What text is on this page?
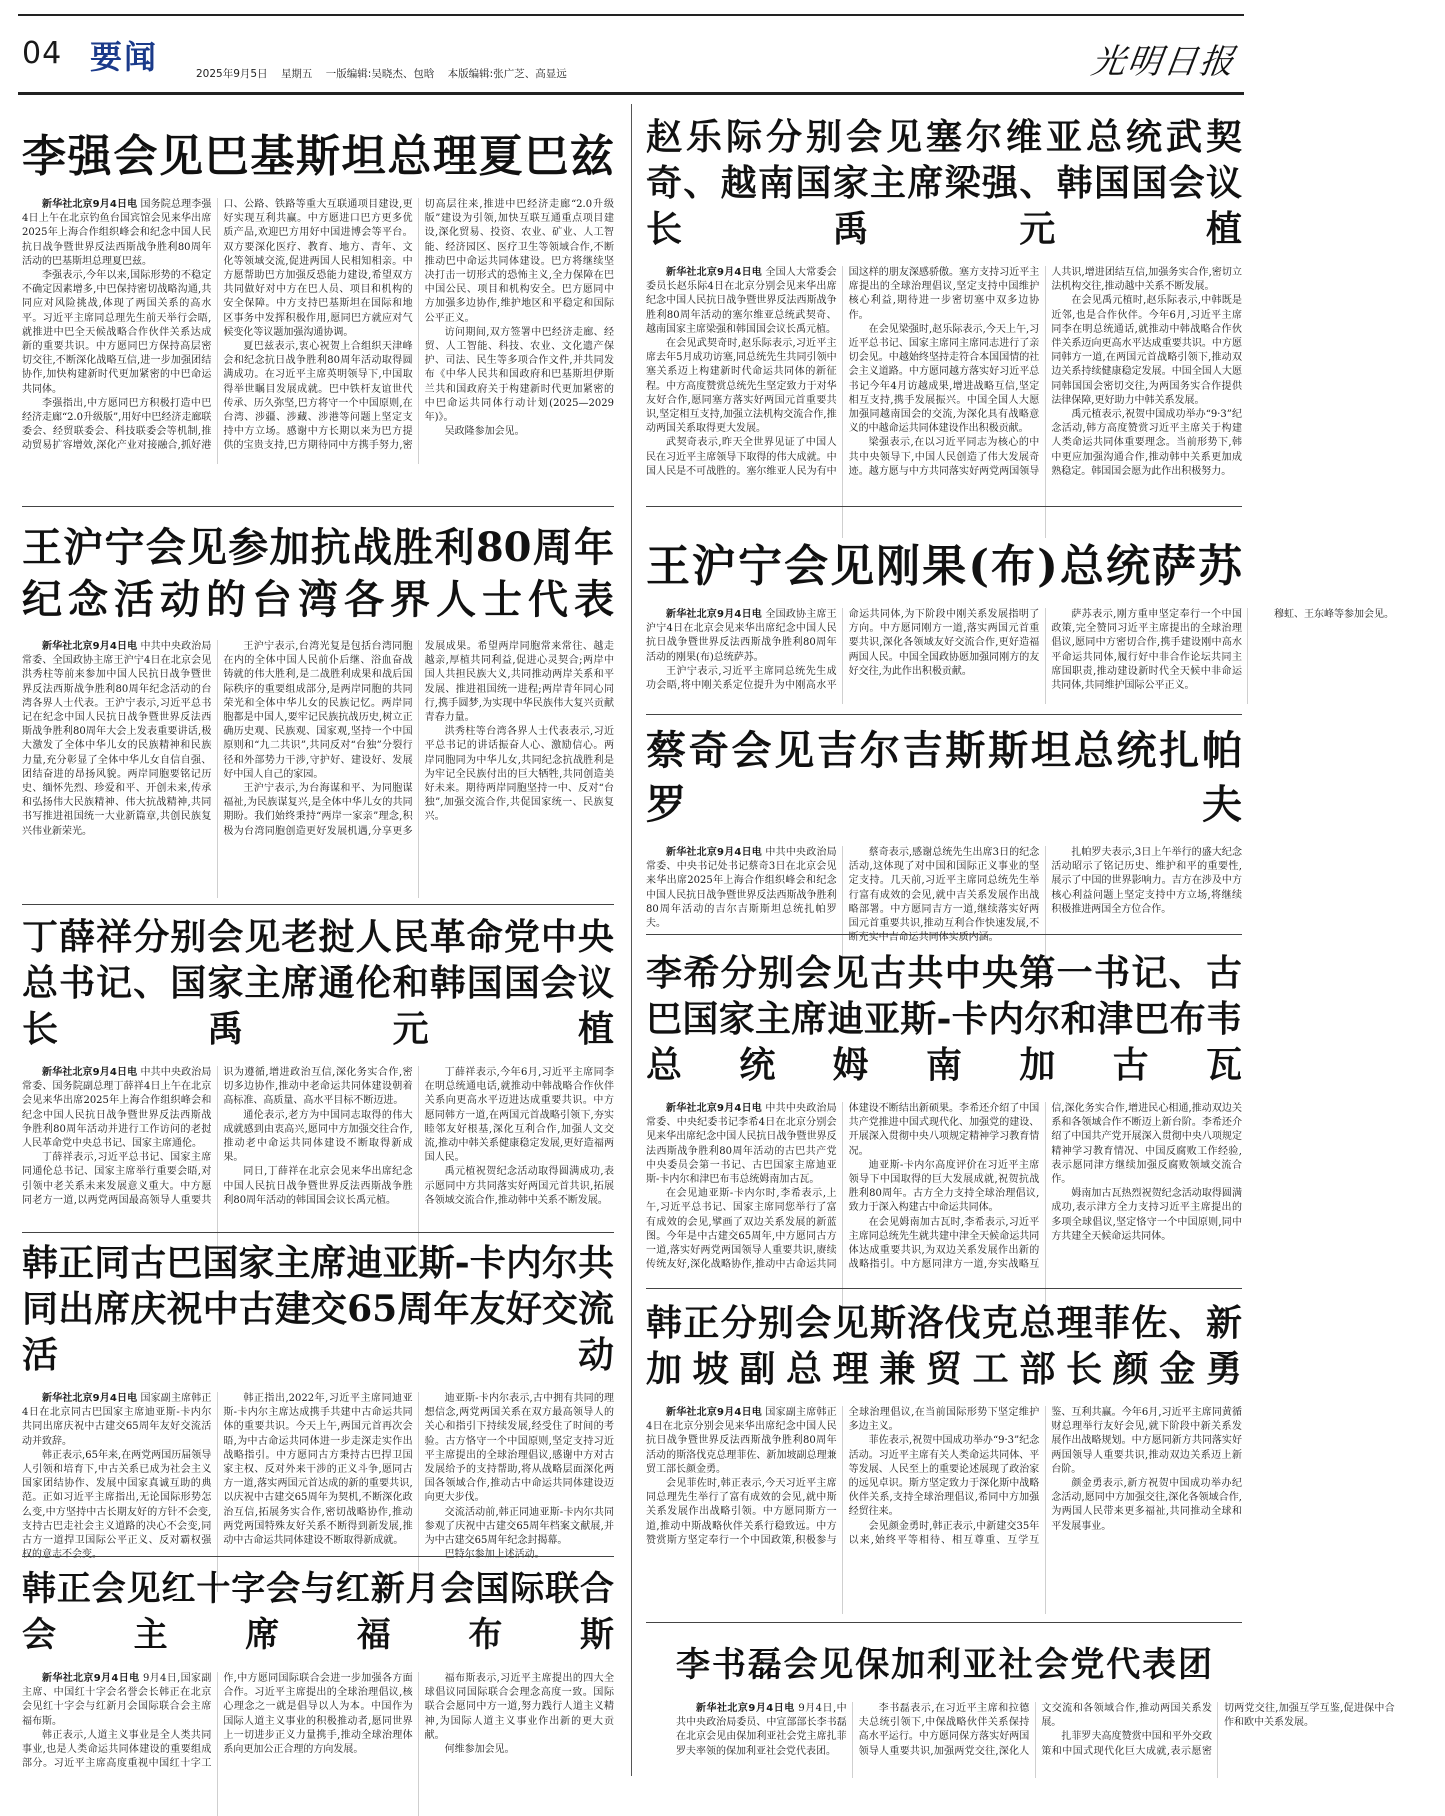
04 要闻	2025年9月5日 星期五 一版编辑:吴晓杰、包晗 本版编辑:张广芝、高显远	光明日报
李强会见巴基斯坦总理夏巴兹

新华社北京9月4日电 国务院总理李强4日上午在北京钓鱼台国宾馆会见来华出席2025年上海合作组织峰会和纪念中国人民抗日战争暨世界反法西斯战争胜利80周年活动的巴基斯坦总理夏巴兹。

李强表示,今年以来,国际形势的不稳定不确定因素增多,中巴保持密切战略沟通,共同应对风险挑战,体现了两国关系的高水平。习近平主席同总理先生前天举行会晤,就推进中巴全天候战略合作伙伴关系达成新的重要共识。中方愿同巴方保持高层密切交往,不断深化战略互信,进一步加强团结协作,加快构建新时代更加紧密的中巴命运共同体。

李强指出,中方愿同巴方积极打造中巴经济走廊“2.0升级版”,用好中巴经济走廊联委会、经贸联委会、科技联委会等机制,推动贸易扩容增效,深化产业对接融合,抓好港口、公路、铁路等重大互联通项目建设,更好实现互利共赢。中方愿进口巴方更多优质产品,欢迎巴方用好中国进博会等平台。双方要深化医疗、教育、地方、青年、文化等领域交流,促进两国人民相知相亲。中方愿帮助巴方加强反恐能力建设,希望双方共同做好对中方在巴人员、项目和机构的安全保障。中方支持巴基斯坦在国际和地区事务中发挥积极作用,愿同巴方就应对气候变化等议题加强沟通协调。

夏巴兹表示,衷心祝贺上合组织天津峰会和纪念抗日战争胜利80周年活动取得圆满成功。在习近平主席英明领导下,中国取得举世瞩目发展成就。巴中铁杆友谊世代传承、历久弥坚,巴方将守一个中国原则,在台湾、涉疆、涉藏、涉港等问题上坚定支持中方立场。感谢中方长期以来为巴方提供的宝贵支持,巴方期待同中方携手努力,密切高层往来,推进中巴经济走廊“2.0升级版”建设为引领,加快互联互通重点项目建设,深化贸易、投资、农业、矿业、人工智能、经济园区、医疗卫生等领域合作,不断推动巴中命运共同体建设。巴方将继续坚决打击一切形式的恐怖主义,全力保障在巴中国公民、项目和机构安全。巴方愿同中方加强多边协作,维护地区和平稳定和国际公平正义。

访问期间,双方签署中巴经济走廊、经贸、人工智能、科技、农业、文化遗产保护、司法、民生等多项合作文件,并共同发布《中华人民共和国政府和巴基斯坦伊斯兰共和国政府关于构建新时代更加紧密的中巴命运共同体行动计划(2025—2029年)》。

吴政隆参加会见。

王沪宁会见参加抗战胜利80周年纪念活动的台湾各界人士代表

新华社北京9月4日电 中共中央政治局常委、全国政协主席王沪宁4日在北京会见洪秀柱等前来参加中国人民抗日战争暨世界反法西斯战争胜利80周年纪念活动的台湾各界人士代表。王沪宁表示,习近平总书记在纪念中国人民抗日战争暨世界反法西斯战争胜利80周年大会上发表重要讲话,极大激发了全体中华儿女的民族精神和民族力量,充分彰显了全体中华儿女自信自强、团结奋进的昂扬风貌。两岸同胞要铭记历史、缅怀先烈、珍爱和平、开创未来,传承和弘扬伟大民族精神、伟大抗战精神,共同书写推进祖国统一大业新篇章,共创民族复兴伟业新荣光。

王沪宁表示,台湾光复是包括台湾同胞在内的全体中国人民前仆后继、浴血奋战铸就的伟大胜利,是二战胜利成果和战后国际秩序的重要组成部分,是两岸同胞的共同荣光和全体中华儿女的民族记忆。两岸同胞都是中国人,要牢记民族抗战历史,树立正确历史观、民族观、国家观,坚持一个中国原则和“九二共识”,共同反对“台独”分裂行径和外部势力干涉,守护好、建设好、发展好中国人自己的家园。

王沪宁表示,为台海谋和平、为同胞谋福祉,为民族谋复兴,是全体中华儿女的共同期盼。我们始终秉持“两岸一家亲”理念,积极为台湾同胞创造更好发展机遇,分享更多发展成果。希望两岸同胞常来常往、越走越亲,厚植共同利益,促进心灵契合;两岸中国人共担民族大义,共同推动两岸关系和平发展、推进祖国统一进程;两岸青年同心同行,携手圆梦,为实现中华民族伟大复兴贡献青春力量。

洪秀柱等台湾各界人士代表表示,习近平总书记的讲话振奋人心、激励信心。两岸同胞同为中华儿女,共同纪念抗战胜利是为牢记全民族付出的巨大牺牲,共同创造美好未来。期待两岸同胞坚持一中、反对“台独”,加强交流合作,共促国家统一、民族复兴。

丁薛祥分别会见老挝人民革命党中央总书记、国家主席通伦和韩国国会议长禹元植

新华社北京9月4日电 中共中央政治局常委、国务院副总理丁薛祥4日上午在北京会见来华出席2025年上海合作组织峰会和纪念中国人民抗日战争暨世界反法西斯战争胜利80周年活动并进行工作访问的老挝人民革命党中央总书记、国家主席通伦。

丁薛祥表示,习近平总书记、国家主席同通伦总书记、国家主席举行重要会晤,对引领中老关系未来发展意义重大。中方愿同老方一道,以两党两国最高领导人重要共识为遵循,增进政治互信,深化务实合作,密切多边协作,推动中老命运共同体建设朝着高标准、高质量、高水平目标不断迈进。

通伦表示,老方为中国同志取得的伟大成就感到由衷高兴,愿同中方加强交往合作,推动老中命运共同体建设不断取得新成果。

同日,丁薛祥在北京会见来华出席纪念中国人民抗日战争暨世界反法西斯战争胜利80周年活动的韩国国会议长禹元植。

丁薛祥表示,今年6月,习近平主席同李在明总统通电话,就推动中韩战略合作伙伴关系向更高水平迈进达成重要共识。中方愿同韩方一道,在两国元首战略引领下,夯实睦邻友好根基,深化互利合作,加强人文交流,推动中韩关系健康稳定发展,更好造福两国人民。

禹元植祝贺纪念活动取得圆满成功,表示愿同中方共同落实好两国元首共识,拓展各领域交流合作,推动韩中关系不断发展。

韩正同古巴国家主席迪亚斯-卡内尔共同出席庆祝中古建交65周年友好交流活动

新华社北京9月4日电 国家副主席韩正4日在北京同古巴国家主席迪亚斯-卡内尔共同出席庆祝中古建交65周年友好交流活动并致辞。

韩正表示,65年来,在两党两国历届领导人引领和培育下,中古关系已成为社会主义国家团结协作、发展中国家真诚互助的典范。正如习近平主席指出,无论国际形势怎么变,中方坚持中古长期友好的方针不会变,支持古巴走社会主义道路的决心不会变,同古方一道捍卫国际公平正义、反对霸权强权的意志不会变。

韩正指出,2022年,习近平主席同迪亚斯-卡内尔主席达成携手共建中古命运共同体的重要共识。今天上午,两国元首再次会晤,为中古命运共同体进一步走深走实作出战略指引。中方愿同古方秉持古巴捍卫国家主权、反对外来干涉的正义斗争,愿同古方一道,落实两国元首达成的新的重要共识,以庆祝中古建交65周年为契机,不断深化政治互信,拓展务实合作,密切战略协作,推动两党两国特殊友好关系不断得到新发展,推动中古命运共同体建设不断取得新成就。

迪亚斯-卡内尔表示,古中拥有共同的理想信念,两党两国关系在双方最高领导人的关心和指引下持续发展,经受住了时间的考验。古方恪守一个中国原则,坚定支持习近平主席提出的全球治理倡议,感谢中方对古发展给予的支持帮助,将从战略层面深化两国各领域合作,推动古中命运共同体建设迈向更大步伐。

交流活动前,韩正同迪亚斯-卡内尔共同参观了庆祝中古建交65周年档案文献展,并为中古建交65周年纪念封揭幕。

巴特尔参加上述活动。

韩正会见红十字会与红新月会国际联合会主席福布斯

新华社北京9月4日电 9月4日,国家副主席、中国红十字会名誉会长韩正在北京会见红十字会与红新月会国际联合会主席福布斯。

韩正表示,人道主义事业是全人类共同事业,也是人类命运共同体建设的重要组成部分。习近平主席高度重视中国红十字工作,中方愿同国际联合会进一步加强各方面合作。习近平主席提出的全球治理倡议,核心理念之一就是倡导以人为本。中国作为国际人道主义事业的积极推动者,愿同世界上一切进步正义力量携手,推动全球治理体系向更加公正合理的方向发展。

福布斯表示,习近平主席提出的四大全球倡议同国际联合会理念高度一致。国际联合会愿同中方一道,努力践行人道主义精神,为国际人道主义事业作出新的更大贡献。

何维参加会见。

赵乐际分别会见塞尔维亚总统武契奇、越南国家主席梁强、韩国国会议长禹元植

新华社北京9月4日电 全国人大常委会委员长赵乐际4日在北京分别会见来华出席纪念中国人民抗日战争暨世界反法西斯战争胜利80周年活动的塞尔维亚总统武契奇、越南国家主席梁强和韩国国会议长禹元植。

在会见武契奇时,赵乐际表示,习近平主席去年5月成功访塞,同总统先生共同引领中塞关系迈上构建新时代命运共同体的新征程。中方高度赞赏总统先生坚定致力于对华友好合作,愿同塞方落实好两国元首重要共识,坚定相互支持,加强立法机构交流合作,推动两国关系取得更大发展。

武契奇表示,昨天全世界见证了中国人民在习近平主席领导下取得的伟大成就。中国人民是不可战胜的。塞尔维亚人民为有中国这样的朋友深感骄傲。塞方支持习近平主席提出的全球治理倡议,坚定支持中国维护核心利益,期待进一步密切塞中双多边协作。

在会见梁强时,赵乐际表示,今天上午,习近平总书记、国家主席同主席同志进行了亲切会见。中越始终坚持走符合本国国情的社会主义道路。中方愿同越方落实好习近平总书记今年4月访越成果,增进战略互信,坚定相互支持,携手发展振兴。中国全国人大愿加强同越南国会的交流,为深化具有战略意义的中越命运共同体建设作出积极贡献。

梁强表示,在以习近平同志为核心的中共中央领导下,中国人民创造了伟大发展奇迹。越方愿与中方共同落实好两党两国领导人共识,增进团结互信,加强务实合作,密切立法机构交往,推动越中关系不断发展。

在会见禹元植时,赵乐际表示,中韩既是近邻,也是合作伙伴。今年6月,习近平主席同李在明总统通话,就推动中韩战略合作伙伴关系迈向更高水平达成重要共识。中方愿同韩方一道,在两国元首战略引领下,推动双边关系持续健康稳定发展。中国全国人大愿同韩国国会密切交往,为两国务实合作提供法律保障,更好助力中韩关系发展。

禹元植表示,祝贺中国成功举办“9·3”纪念活动,韩方高度赞赏习近平主席关于构建人类命运共同体重要理念。当前形势下,韩中更应加强沟通合作,推动韩中关系更加成熟稳定。韩国国会愿为此作出积极努力。

王沪宁会见刚果(布)总统萨苏

新华社北京9月4日电 全国政协主席王沪宁4日在北京会见来华出席纪念中国人民抗日战争暨世界反法西斯战争胜利80周年活动的刚果(布)总统萨苏。

王沪宁表示,习近平主席同总统先生成功会晤,将中刚关系定位提升为中刚高水平命运共同体,为下阶段中刚关系发展指明了方向。中方愿同刚方一道,落实两国元首重要共识,深化各领域友好交流合作,更好造福两国人民。中国全国政协愿加强同刚方的友好交往,为此作出积极贡献。

萨苏表示,刚方重申坚定奉行一个中国政策,完全赞同习近平主席提出的全球治理倡议,愿同中方密切合作,携手建设刚中高水平命运共同体,履行好中非合作论坛共同主席国职责,推动建设新时代全天候中非命运共同体,共同维护国际公平正义。

穆虹、王东峰等参加会见。

蔡奇会见吉尔吉斯斯坦总统扎帕罗夫

新华社北京9月4日电 中共中央政治局常委、中央书记处书记蔡奇3日在北京会见来华出席2025年上海合作组织峰会和纪念中国人民抗日战争暨世界反法西斯战争胜利80周年活动的吉尔吉斯斯坦总统扎帕罗夫。

蔡奇表示,感谢总统先生出席3日的纪念活动,这体现了对中国和国际正义事业的坚定支持。几天前,习近平主席同总统先生举行富有成效的会见,就中吉关系发展作出战略部署。中方愿同吉方一道,继续落实好两国元首重要共识,推动互利合作快速发展,不断充实中吉命运共同体实质内涵。

扎帕罗夫表示,3日上午举行的盛大纪念活动昭示了铭记历史、维护和平的重要性,展示了中国的世界影响力。吉方在涉及中方核心利益问题上坚定支持中方立场,将继续积极推进两国全方位合作。

李希分别会见古共中央第一书记、古巴国家主席迪亚斯-卡内尔和津巴布韦总统姆南加古瓦

新华社北京9月4日电 中共中央政治局常委、中央纪委书记李希4日在北京分别会见来华出席纪念中国人民抗日战争暨世界反法西斯战争胜利80周年活动的古巴共产党中央委员会第一书记、古巴国家主席迪亚斯-卡内尔和津巴布韦总统姆南加古瓦。

在会见迪亚斯-卡内尔时,李希表示,上午,习近平总书记、国家主席同您举行了富有成效的会见,擘画了双边关系发展的新蓝图。今年是中古建交65周年,中方愿同古方一道,落实好两党两国领导人重要共识,赓续传统友好,深化战略协作,推动中古命运共同体建设不断结出新硕果。李希还介绍了中国共产党推进中国式现代化、加强党的建设、开展深入贯彻中央八项规定精神学习教育情况。

迪亚斯-卡内尔高度评价在习近平主席领导下中国取得的巨大发展成就,祝贺抗战胜利80周年。古方全力支持全球治理倡议,致力于深入构建古中命运共同体。

在会见姆南加古瓦时,李希表示,习近平主席同总统先生就共建中津全天候命运共同体达成重要共识,为双边关系发展作出新的战略指引。中方愿同津方一道,夯实战略互信,深化务实合作,增进民心相通,推动双边关系和各领域合作不断迈上新台阶。李希还介绍了中国共产党开展深入贯彻中央八项规定精神学习教育情况、中国反腐败工作经验,表示愿同津方继续加强反腐败领域交流合作。

姆南加古瓦热烈祝贺纪念活动取得圆满成功,表示津方全力支持习近平主席提出的多项全球倡议,坚定恪守一个中国原则,同中方共建全天候命运共同体。

韩正分别会见斯洛伐克总理菲佐、新加坡副总理兼贸工部长颜金勇

新华社北京9月4日电 国家副主席韩正4日在北京分别会见来华出席纪念中国人民抗日战争暨世界反法西斯战争胜利80周年活动的斯洛伐克总理菲佐、新加坡副总理兼贸工部长颜金勇。

会见菲佐时,韩正表示,今天习近平主席同总理先生举行了富有成效的会见,就中斯关系发展作出战略引领。中方愿同斯方一道,推动中斯战略伙伴关系行稳致远。中方赞赏斯方坚定奉行一个中国政策,积极参与全球治理倡议,在当前国际形势下坚定维护多边主义。

菲佐表示,祝贺中国成功举办“9·3”纪念活动。习近平主席有关人类命运共同体、平等发展、人民至上的重要论述展现了政治家的远见卓识。斯方坚定致力于深化斯中战略伙伴关系,支持全球治理倡议,希同中方加强经贸往来。

会见颜金勇时,韩正表示,中新建交35年以来,始终平等相待、相互尊重、互学互鉴、互利共赢。今年6月,习近平主席同黄循财总理举行友好会见,就下阶段中新关系发展作出战略规划。中方愿同新方共同落实好两国领导人重要共识,推动双边关系迈上新台阶。

颜金勇表示,新方祝贺中国成功举办纪念活动,愿同中方加强交往,深化各领域合作,为两国人民带来更多福祉,共同推动全球和平发展事业。

李书磊会见保加利亚社会党代表团

新华社北京9月4日电 9月4日,中共中央政治局委员、中宣部部长李书磊在北京会见由保加利亚社会党主席扎菲罗夫率领的保加利亚社会党代表团。

李书磊表示,在习近平主席和拉德夫总统引领下,中保战略伙伴关系保持高水平运行。中方愿同保方落实好两国领导人重要共识,加强两党交往,深化人文交流和各领域合作,推动两国关系发展。

扎菲罗夫高度赞赏中国和平外交政策和中国式现代化巨大成就,表示愿密切两党交往,加强互学互鉴,促进保中合作和欧中关系发展。
